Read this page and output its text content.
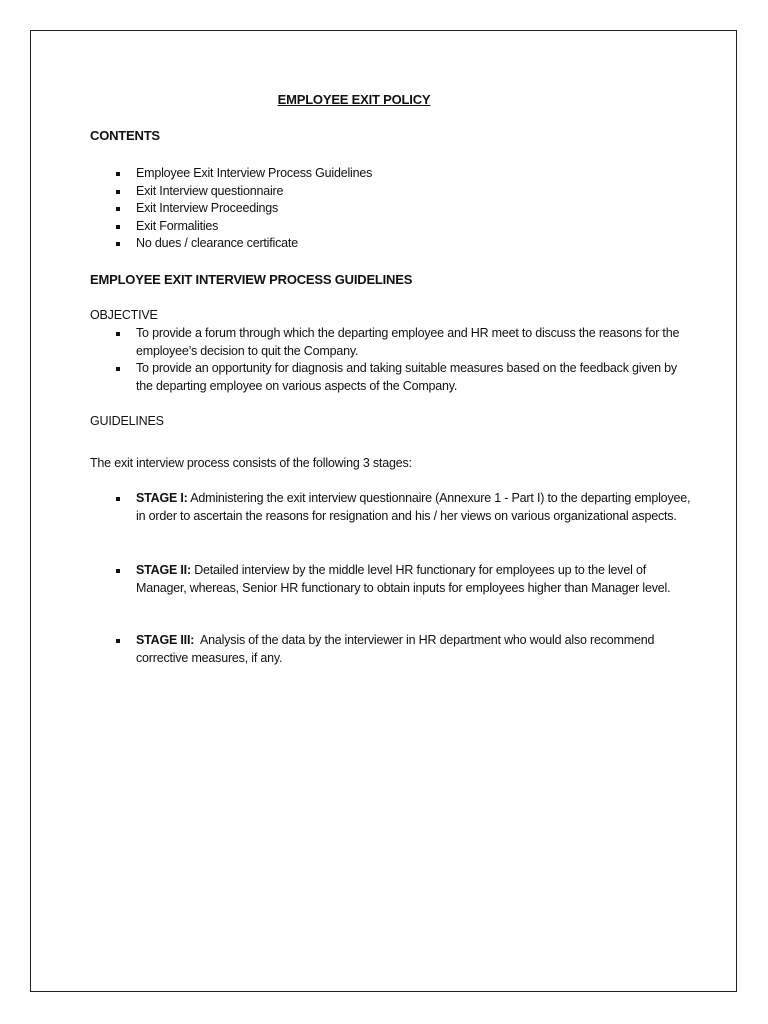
EMPLOYEE EXIT POLICY
CONTENTS
Employee Exit Interview Process Guidelines
Exit Interview questionnaire
Exit Interview Proceedings
Exit Formalities
No dues / clearance certificate
EMPLOYEE EXIT INTERVIEW PROCESS GUIDELINES
OBJECTIVE
To provide a forum through which the departing employee and HR meet to discuss the reasons for the employee’s decision to quit the Company.
To provide an opportunity for diagnosis and taking suitable measures based on the feedback given by the departing employee on various aspects of the Company.
GUIDELINES
The exit interview process consists of the following 3 stages:
STAGE I: Administering the exit interview questionnaire (Annexure 1 - Part I) to the departing employee, in order to ascertain the reasons for resignation and his / her views on various organizational aspects.
STAGE II: Detailed interview by the middle level HR functionary for employees up to the level of Manager, whereas, Senior HR functionary to obtain inputs for employees higher than Manager level.
STAGE III:  Analysis of the data by the interviewer in HR department who would also recommend corrective measures, if any.
